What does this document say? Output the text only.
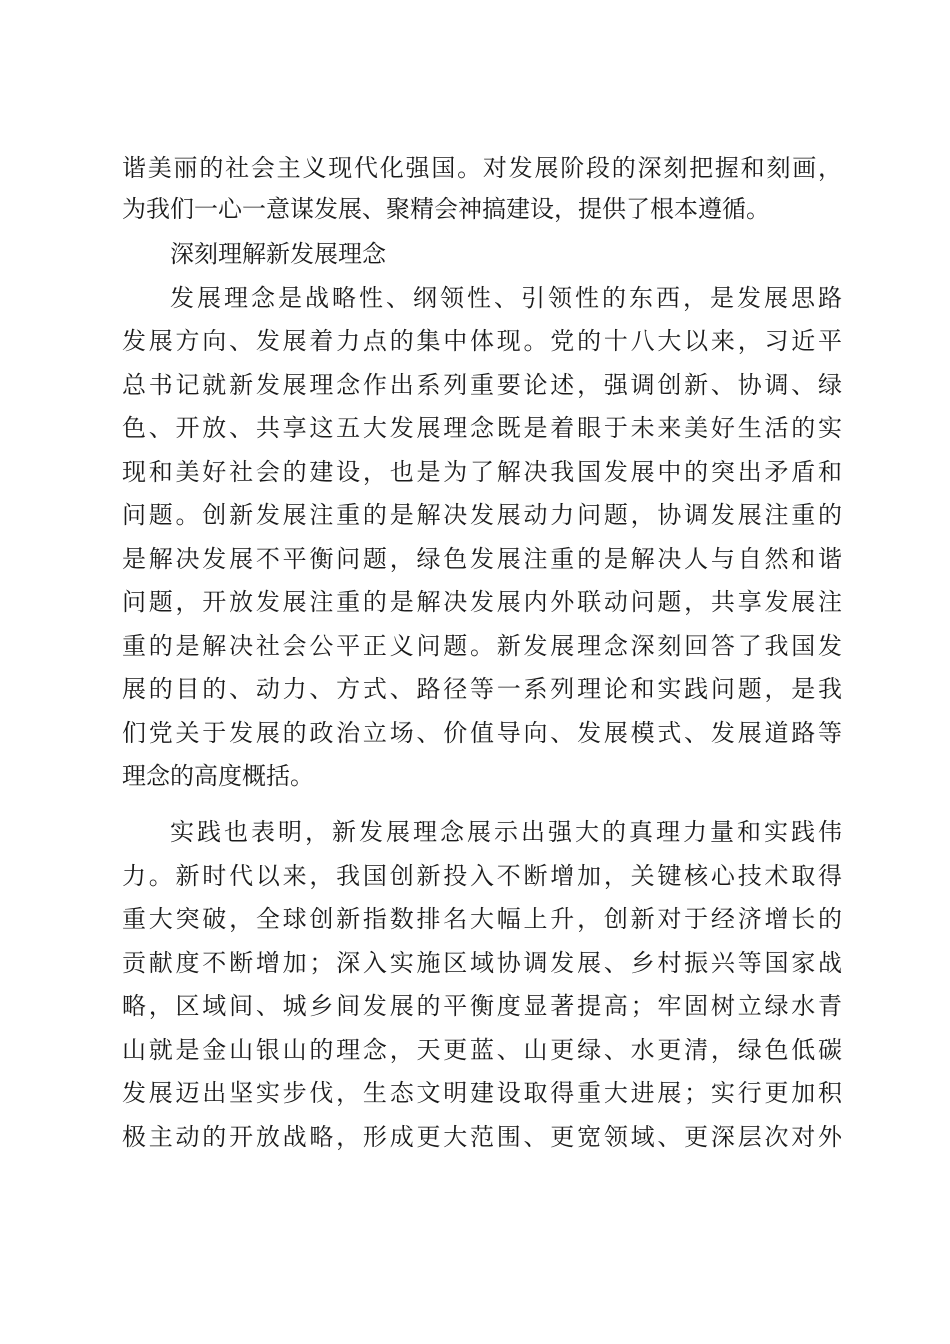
谐美丽的社会主义现代化强国。对发展阶段的深刻把握和刻画，
为我们一心一意谋发展、聚精会神搞建设，提供了根本遵循。
深刻理解新发展理念
发展理念是战略性、纲领性、引领性的东西，是发展思路
发展方向、发展着力点的集中体现。党的十八大以来，习近平
总书记就新发展理念作出系列重要论述，强调创新、协调、绿
色、开放、共享这五大发展理念既是着眼于未来美好生活的实
现和美好社会的建设，也是为了解决我国发展中的突出矛盾和
问题。创新发展注重的是解决发展动力问题，协调发展注重的
是解决发展不平衡问题，绿色发展注重的是解决人与自然和谐
问题，开放发展注重的是解决发展内外联动问题，共享发展注
重的是解决社会公平正义问题。新发展理念深刻回答了我国发
展的目的、动力、方式、路径等一系列理论和实践问题，是我
们党关于发展的政治立场、价值导向、发展模式、发展道路等
理念的高度概括。
实践也表明，新发展理念展示出强大的真理力量和实践伟
力。新时代以来，我国创新投入不断增加，关键核心技术取得
重大突破，全球创新指数排名大幅上升，创新对于经济增长的
贡献度不断增加；深入实施区域协调发展、乡村振兴等国家战
略，区域间、城乡间发展的平衡度显著提高；牢固树立绿水青
山就是金山银山的理念，天更蓝、山更绿、水更清，绿色低碳
发展迈出坚实步伐，生态文明建设取得重大进展；实行更加积
极主动的开放战略，形成更大范围、更宽领域、更深层次对外
